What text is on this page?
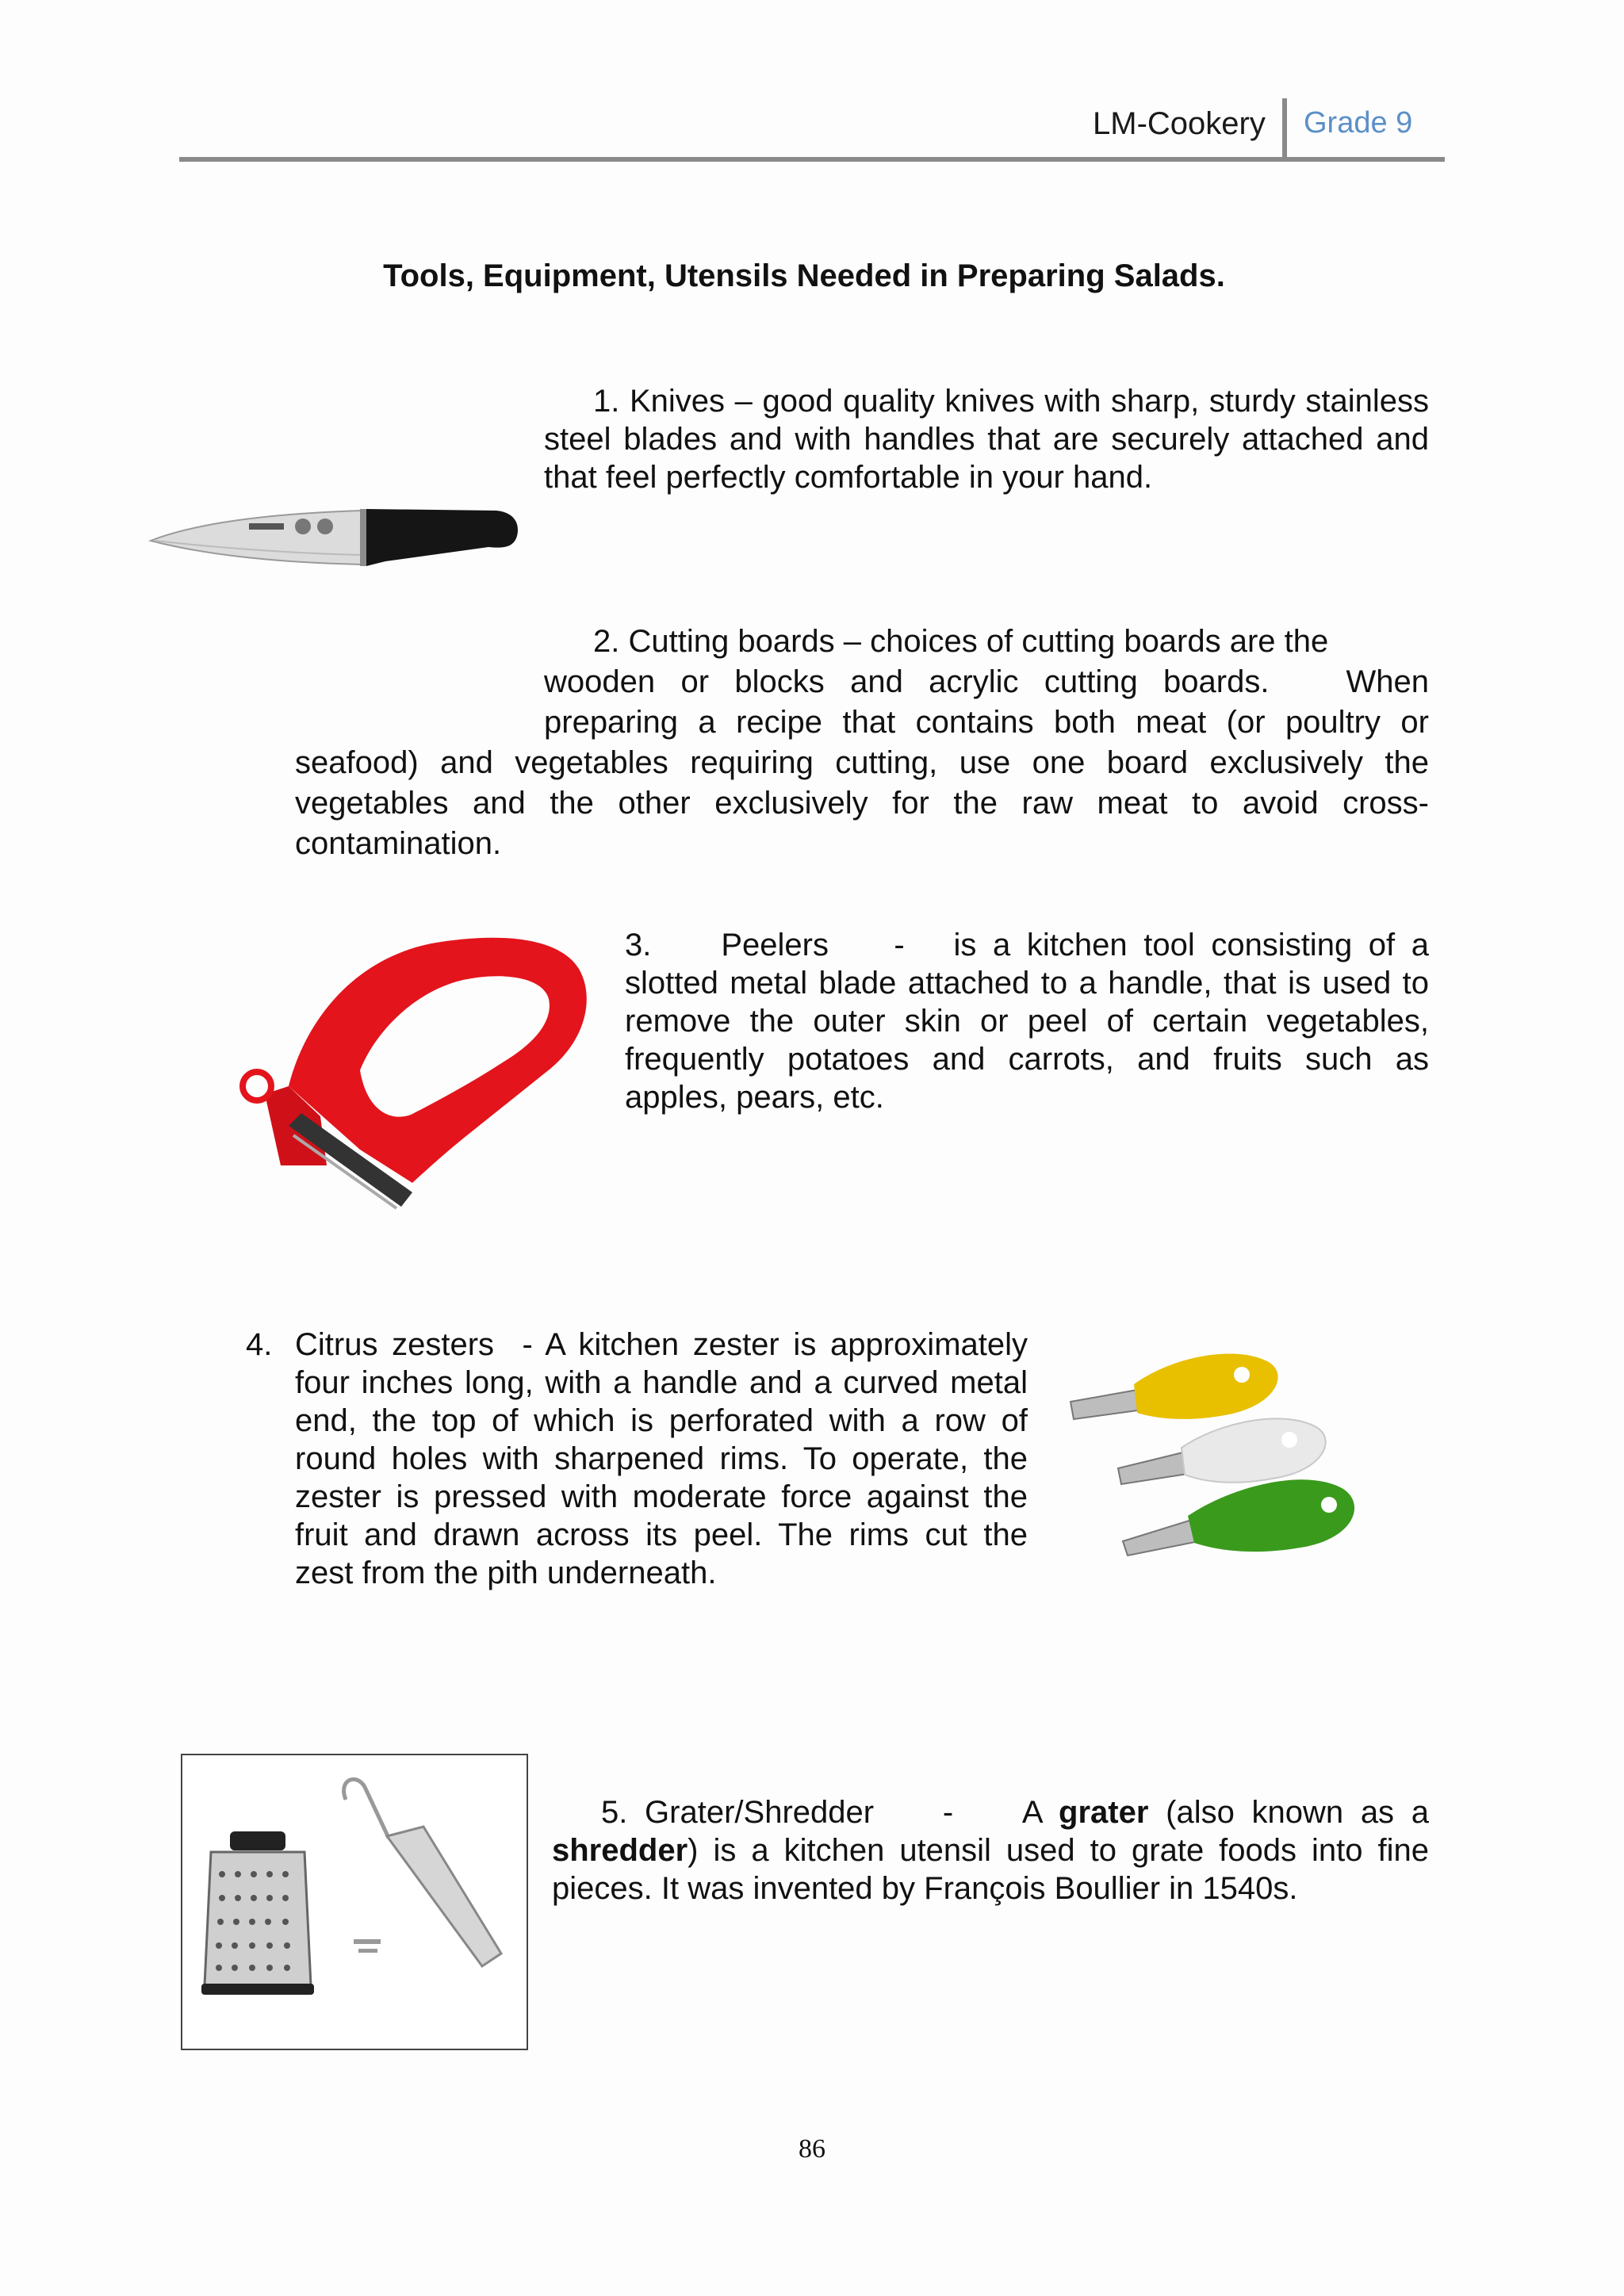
LM-Cookery Grade 9
Tools, Equipment, Utensils Needed in Preparing Salads.

1. Knives – good quality knives with sharp, sturdy stainless steel blades and with handles that are securely attached and that feel perfectly comfortable in your hand.

2. Cutting boards – choices of cutting boards are the

wooden or blocks and acrylic cutting boards.   When

preparing a recipe that contains both meat (or poultry or

seafood) and vegetables requiring cutting, use one board exclusively the vegetables and the other exclusively for the raw meat to avoid cross-contamination.

3. Peelers - is a kitchen tool consisting of a slotted metal blade attached to a handle, that is used to remove the outer skin or peel of certain vegetables, frequently potatoes and carrots, and fruits such as apples, pears, etc.

4. Citrus zesters - A kitchen zester is approximately four inches long, with a handle and a curved metal end, the top of which is perforated with a row of round holes with sharpened rims. To operate, the zester is pressed with moderate force against the fruit and drawn across its peel. The rims cut the zest from the pith underneath.

5. Grater/Shredder - A grater (also known as a shredder) is a kitchen utensil used to grate foods into fine pieces. It was invented by François Boullier in 1540s.

86
